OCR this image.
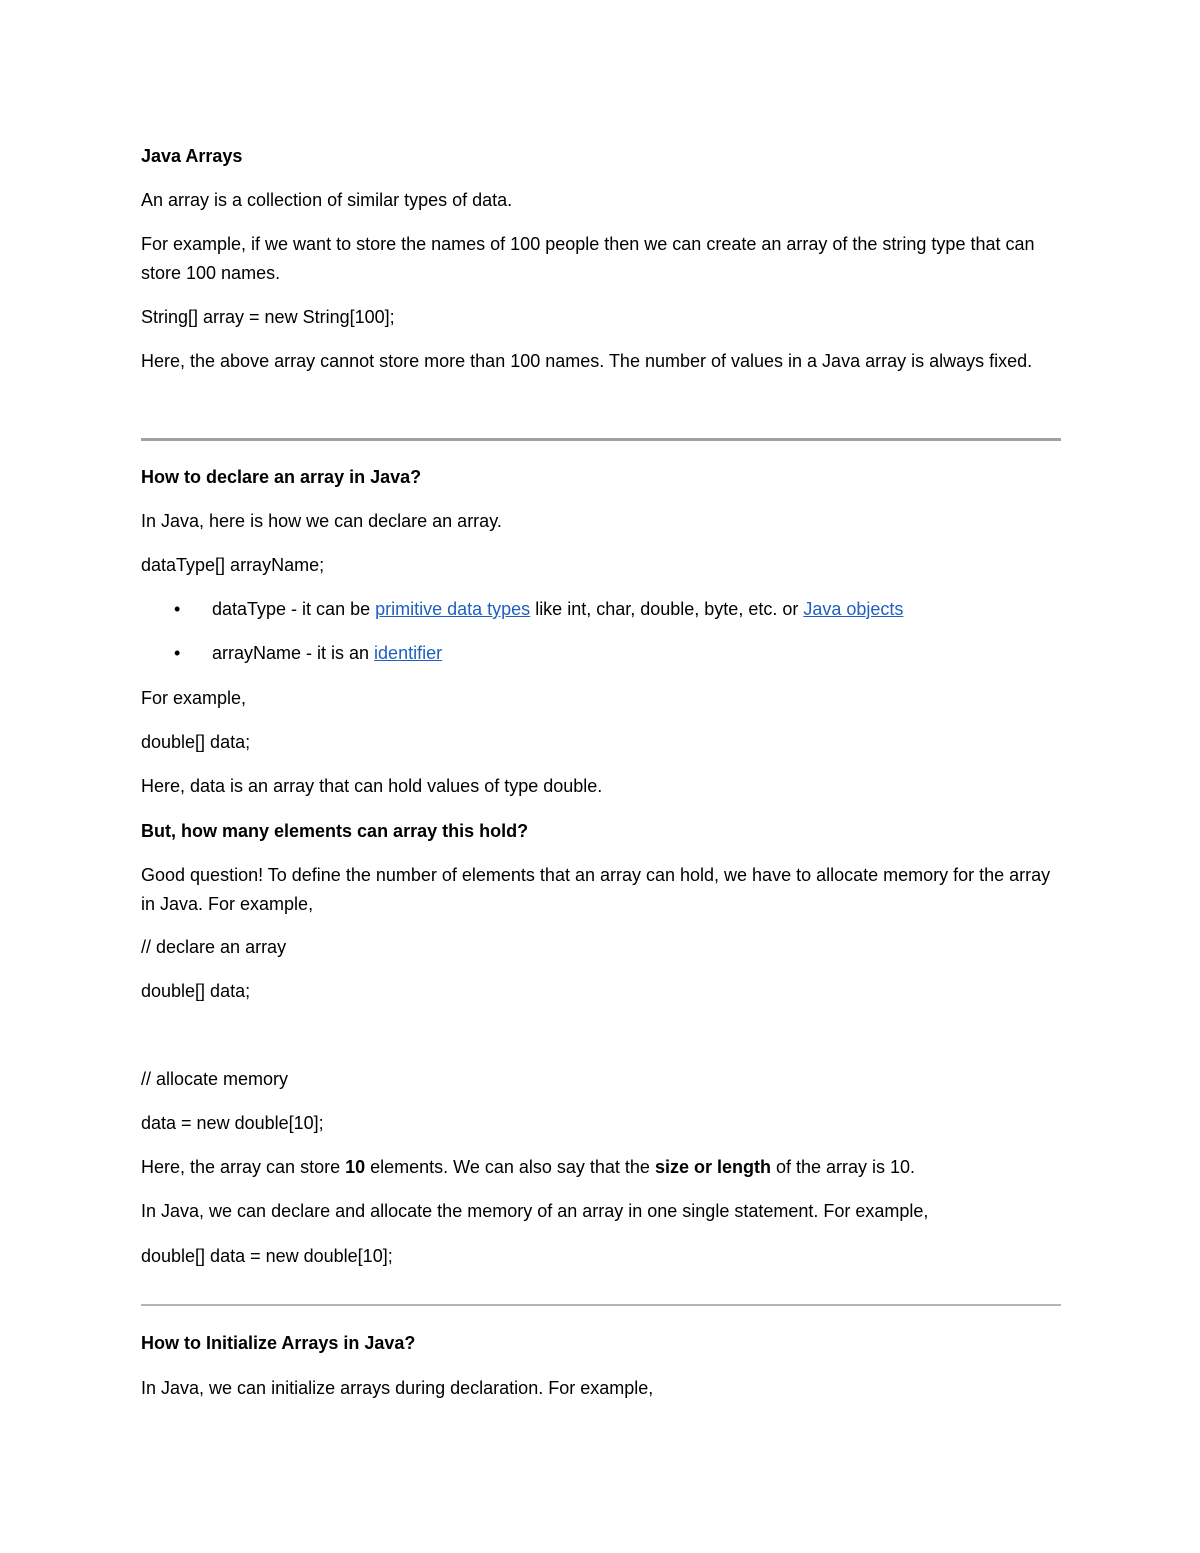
Java Arrays

An array is a collection of similar types of data.

For example, if we want to store the names of 100 people then we can create an array of the string type that can store 100 names.

String[] array = new String[100];

Here, the above array cannot store more than 100 names. The number of values in a Java array is always fixed.

How to declare an array in Java?

In Java, here is how we can declare an array.

dataType[] arrayName;

• dataType - it can be primitive data types like int, char, double, byte, etc. or Java objects
• arrayName - it is an identifier

For example,

double[] data;

Here, data is an array that can hold values of type double.

But, how many elements can array this hold?

Good question! To define the number of elements that an array can hold, we have to allocate memory for the array in Java. For example,

// declare an array

double[] data;

// allocate memory

data = new double[10];

Here, the array can store 10 elements. We can also say that the size or length of the array is 10.

In Java, we can declare and allocate the memory of an array in one single statement. For example,

double[] data = new double[10];

How to Initialize Arrays in Java?

In Java, we can initialize arrays during declaration. For example,
